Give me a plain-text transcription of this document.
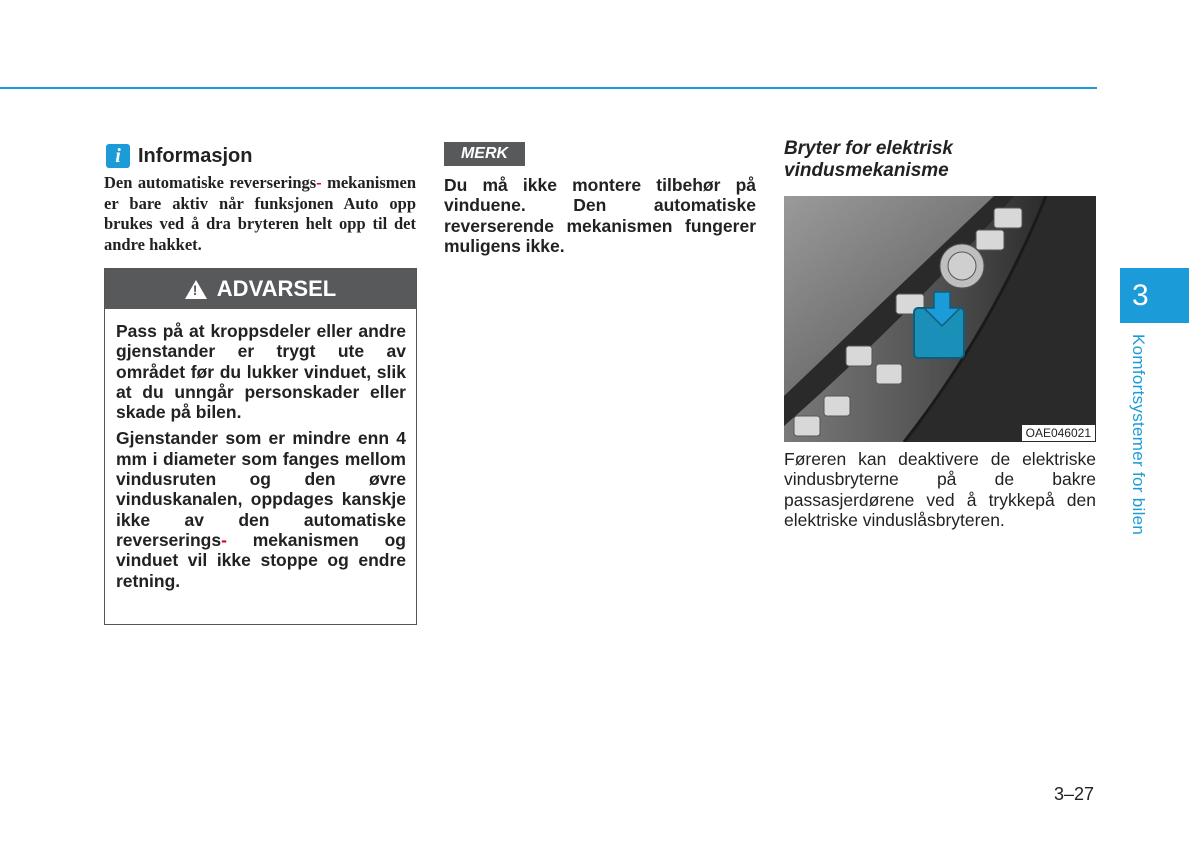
i Informasjon
Den automatiske reverserings- mekanismen er bare aktiv når funksjonen Auto opp brukes ved å dra bryteren helt opp til det andre hakket.
! ADVARSEL

Pass på at kroppsdeler eller andre gjenstander er trygt ute av området før du lukker vinduet, slik at du unngår personskader eller skade på bilen.

Gjenstander som er mindre enn 4 mm i diameter som fanges mellom vindusruten og den øvre vinduskanalen, oppdages kanskje ikke av den automatiske reverserings- mekanismen og vinduet vil ikke stoppe og endre retning.

MERK
Du må ikke montere tilbehør på vinduene. Den automatiske reverserende mekanismen fungerer muligens ikke.
Bryter for elektrisk vindusmekanisme
OAE046021
Føreren kan deaktivere de elektriske vindusbryterne på de bakre passasjerdørene ved å trykkepå den elektriske vinduslåsbryteren.
3
Komfortsystemer for bilen
3–27
